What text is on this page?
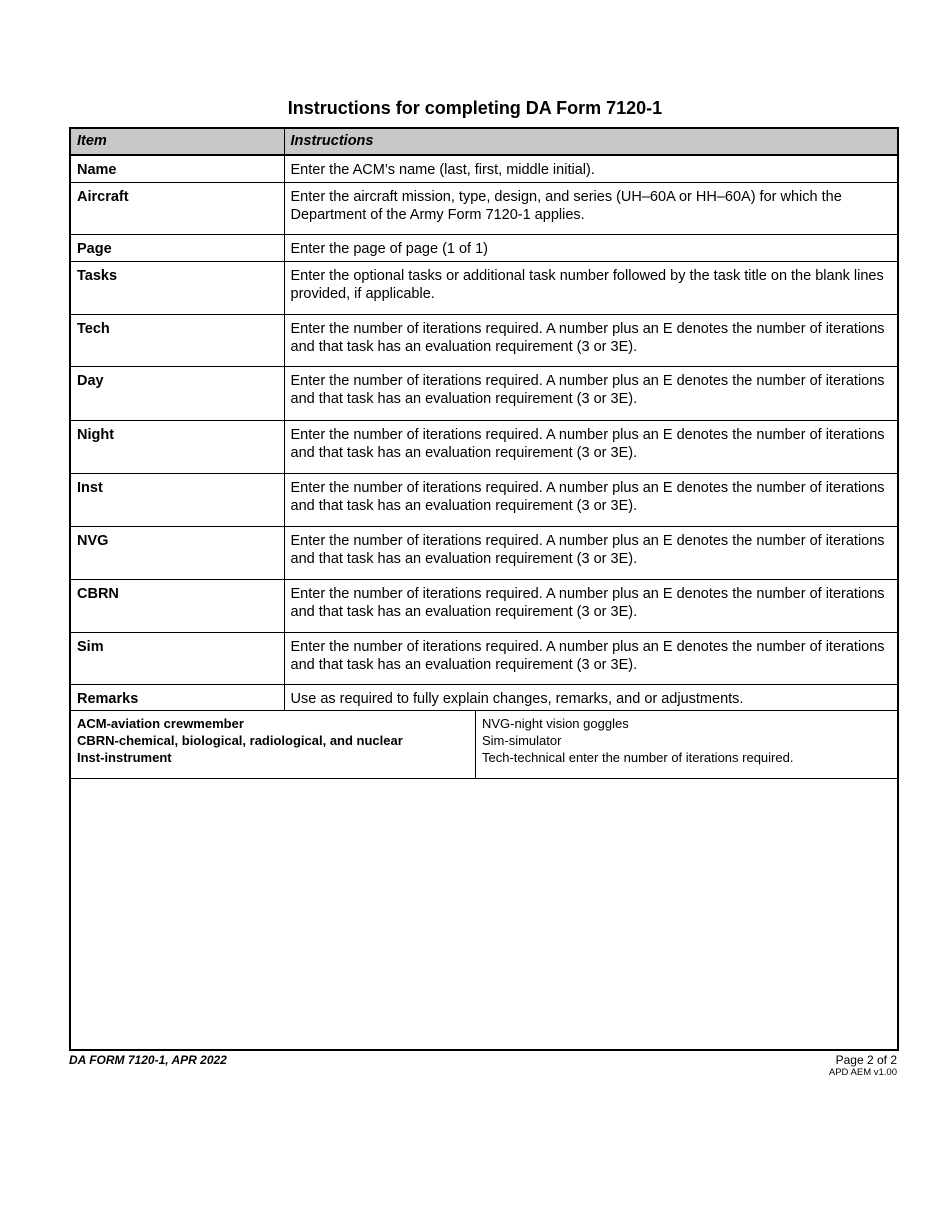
Instructions for completing DA Form 7120-1
Item	Instructions
Name	Enter the ACM’s name (last, first, middle initial).
Aircraft	Enter the aircraft mission, type, design, and series (UH–60A or HH–60A) for which the Department of the Army Form 7120-1 applies.
Page	Enter the page of page (1 of 1)
Tasks	Enter the optional tasks or additional task number followed by the task title on the blank lines provided, if applicable.
Tech	Enter the number of iterations required. A number plus an E denotes the number of iterations and that task has an evaluation requirement (3 or 3E).
Day	Enter the number of iterations required. A number plus an E denotes the number of iterations and that task has an evaluation requirement (3 or 3E).
Night	Enter the number of iterations required. A number plus an E denotes the number of iterations and that task has an evaluation requirement (3 or 3E).
Inst	Enter the number of iterations required. A number plus an E denotes the number of iterations and that task has an evaluation requirement (3 or 3E).
NVG	Enter the number of iterations required. A number plus an E denotes the number of iterations and that task has an evaluation requirement (3 or 3E).
CBRN	Enter the number of iterations required. A number plus an E denotes the number of iterations and that task has an evaluation requirement (3 or 3E).
Sim	Enter the number of iterations required. A number plus an E denotes the number of iterations and that task has an evaluation requirement (3 or 3E).
Remarks	Use as required to fully explain changes, remarks, and or adjustments.
ACM-aviation crewmember
CBRN-chemical, biological, radiological, and nuclear
Inst-instrument
NVG-night vision goggles
Sim-simulator
Tech-technical enter the number of iterations required.
DA FORM 7120-1, APR 2022	Page 2 of 2
APD AEM v1.00
